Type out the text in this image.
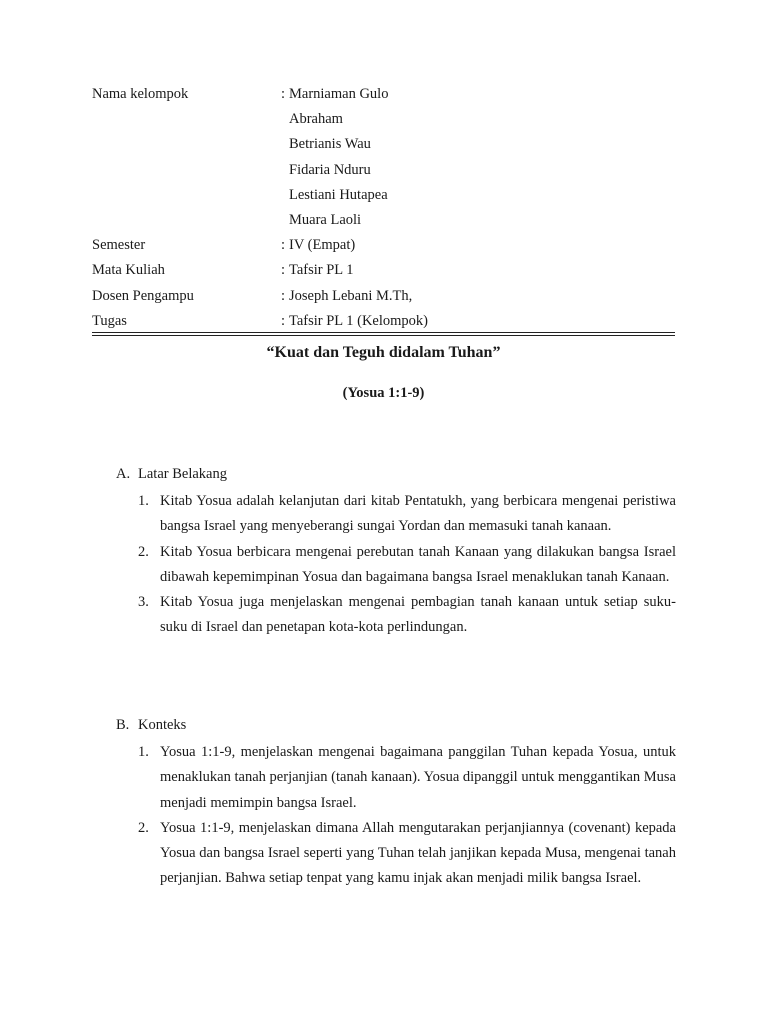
Nama kelompok	: Marniaman Gulo
Abraham
Betrianis Wau
Fidaria Nduru
Lestiani Hutapea
Muara Laoli
Semester	: IV (Empat)
Mata Kuliah	: Tafsir PL 1
Dosen Pengampu	: Joseph Lebani M.Th,
Tugas	: Tafsir PL 1 (Kelompok)
“Kuat dan Teguh didalam Tuhan”
(Yosua 1:1-9)
A. Latar Belakang
1. Kitab Yosua adalah kelanjutan dari kitab Pentatukh, yang berbicara mengenai peristiwa bangsa Israel yang menyeberangi sungai Yordan dan memasuki tanah kanaan.
2. Kitab Yosua berbicara mengenai perebutan tanah Kanaan yang dilakukan bangsa Israel dibawah kepemimpinan Yosua dan bagaimana bangsa Israel menaklukan tanah Kanaan.
3. Kitab Yosua juga menjelaskan mengenai pembagian tanah kanaan untuk setiap suku-suku di Israel dan penetapan kota-kota perlindungan.
B. Konteks
1. Yosua 1:1-9, menjelaskan mengenai bagaimana panggilan Tuhan kepada Yosua, untuk menaklukan tanah perjanjian (tanah kanaan). Yosua dipanggil untuk menggantikan Musa menjadi memimpin bangsa Israel.
2. Yosua 1:1-9, menjelaskan dimana Allah mengutarakan perjanjiannya (covenant) kepada Yosua dan bangsa Israel seperti yang Tuhan telah janjikan kepada Musa, mengenai tanah perjanjian. Bahwa setiap tenpat yang kamu injak akan menjadi milik bangsa Israel.
